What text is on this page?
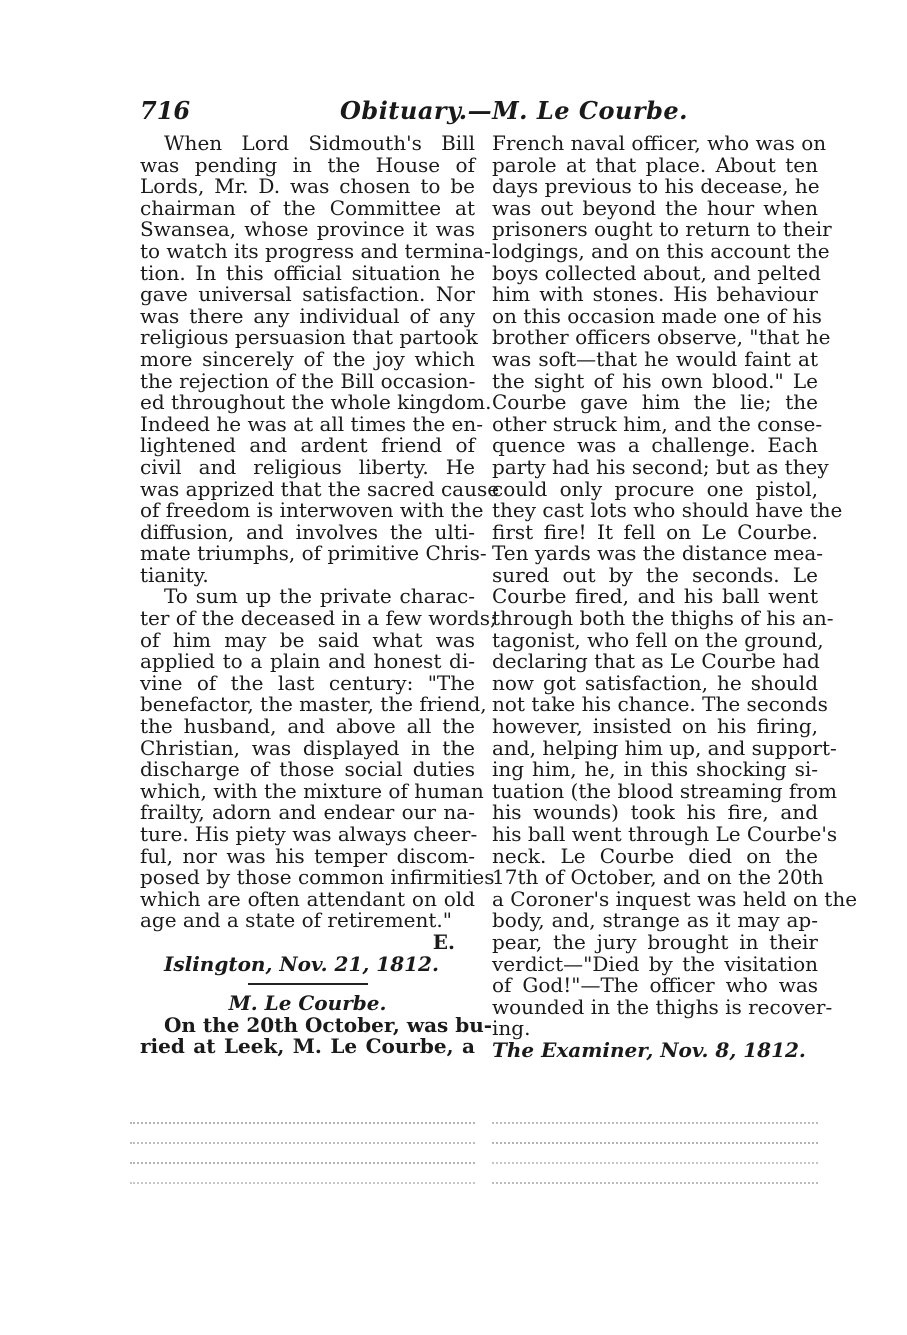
716	Obituary.—M. Le Courbe.
When Lord Sidmouth's Bill
was pending in the House of
Lords, Mr. D. was chosen to be
chairman of the Committee at
Swansea, whose province it was
to watch its progress and termina-
tion. In this official situation he
gave universal satisfaction. Nor
was there any individual of any
religious persuasion that partook
more sincerely of the joy which
the rejection of the Bill occasion-
ed throughout the whole kingdom.
Indeed he was at all times the en-
lightened and ardent friend of
civil and religious liberty. He
was apprized that the sacred cause
of freedom is interwoven with the
diffusion, and involves the ulti-
mate triumphs, of primitive Chris-
tianity.
To sum up the private charac-
ter of the deceased in a few words;
of him may be said what was
applied to a plain and honest di-
vine of the last century: "The
benefactor, the master, the friend,
the husband, and above all the
Christian, was displayed in the
discharge of those social duties
which, with the mixture of human
frailty, adorn and endear our na-
ture. His piety was always cheer-
ful, nor was his temper discom-
posed by those common infirmities
which are often attendant on old
age and a state of retirement."
E.
Islington, Nov. 21, 1812.
M. Le Courbe.
On the 20th October, was bu-
ried at Leek, M. Le Courbe, a
French naval officer, who was on
parole at that place. About ten
days previous to his decease, he
was out beyond the hour when
prisoners ought to return to their
lodgings, and on this account the
boys collected about, and pelted
him with stones. His behaviour
on this occasion made one of his
brother officers observe, "that he
was soft—that he would faint at
the sight of his own blood." Le
Courbe gave him the lie; the
other struck him, and the conse-
quence was a challenge. Each
party had his second; but as they
could only procure one pistol,
they cast lots who should have the
first fire! It fell on Le Courbe.
Ten yards was the distance mea-
sured out by the seconds. Le
Courbe fired, and his ball went
through both the thighs of his an-
tagonist, who fell on the ground,
declaring that as Le Courbe had
now got satisfaction, he should
not take his chance. The seconds
however, insisted on his firing,
and, helping him up, and support-
ing him, he, in this shocking si-
tuation (the blood streaming from
his wounds) took his fire, and
his ball went through Le Courbe's
neck. Le Courbe died on the
17th of October, and on the 20th
a Coroner's inquest was held on the
body, and, strange as it may ap-
pear, the jury brought in their
verdict—"Died by the visitation
of God!"—The officer who was
wounded in the thighs is recover-
ing.
The Examiner, Nov. 8, 1812.
